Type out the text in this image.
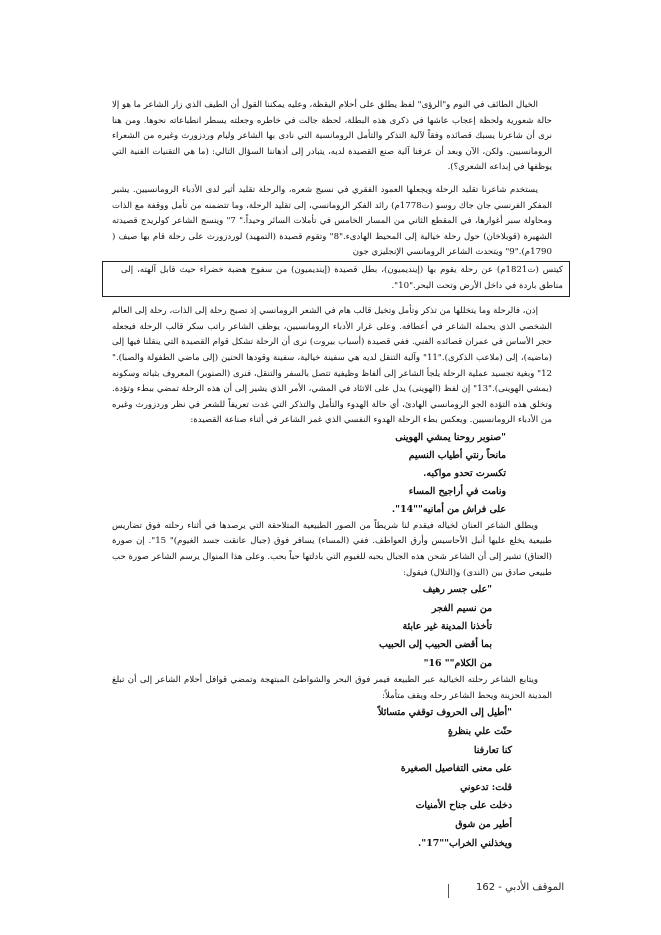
الخيال الطائف في النوم و"الرؤى" لفظ يطلق على أحلام اليقظة، وعليه يمكننا القول أن الطيف الذي زار الشاعر ما هو إلا حالة شعورية ولحظة إعجاب عاشها في ذكرى هذه البطلة، لحظة جالت في خاطره وجعلته يسطر انطباعاته نحوها. ومن هنا نرى أن شاعرنا يسبك قصائده وفقاً لآلية التذكر والتأمل الرومانسية التي نادى بها الشاعر وليام وردزورث وغيره من الشعراء الرومانسيين. ولكن، الآن وبعد أن عرفنا آلية صنع القصيدة لديه، يتبادر إلى أذهاننا السؤال التالي: (ما هي التقنيات الفنية التي يوظفها في إبداعه الشعري؟).

يستخدم شاعرنا تقليد الرحلة ويجعلها العمود الفقري في نسيج شعره، والرحلة تقليد أثير لدى الأدباء الرومانسيين. يشير المفكر الفرنسي جان جاك روسو (ت1778م) رائد الفكر الرومانسي، إلى تقليد الرحلة، وما تتضمنه من تأمل ووقفة مع الذات ومحاولة سبر أغوارها، في المقطع الثاني من المسار الخامس في تأملات السائر وحيداً." 7" وينسج الشاعر كولريدج قصيدته الشهيرة (قوبلاخان) حول رحلة خيالية إلى المحيط الهادىء."8" وتقوم قصيدة (التمهيد) لوردزورث على رحلة قام بها صيف ( 1790م)."9" ويتحدث الشاعر الرومانسي الإنجليزي جون

كيتس (ت1821م) عن رحلة يقوم بها (إينديميون)، بطل قصيدة (إينديميون) من سفوح هضبة خضراء حيث قابل آلهته، إلى مناطق باردة في داخل الأرض وتحت البحر."10".

إذن، فالرحلة وما يتخللها من تذكر وتأمل وتخيل قالب هام في الشعر الرومانسي إذ تصبح رحلة إلى الذات، رحلة إلى العالم الشخصي الذي يحمله الشاعر في أعطافه. وعلى غرار الأدباء الرومانسيين، يوظف الشاعر راتب سكر قالب الرحلة فيجعله حجر الأساس في عمران قصائده الفني. ففي قصيدة (أسباب بيروت) نرى أن الرحلة تشكل قوام القصيدة التي ينقلنا فيها إلى (ماضيه)، إلى (ملاعب الذكرى)."11" وآلية التنقل لديه هي سفينة خيالية، سفينة وقودها الحنين (إلى ماضي الطفولة والصبا)." 12" وبغية تجسيد عملية الرحلة يلجأ الشاعر إلى ألفاظ وظيفية تتصل بالسفر والتنقل، فنرى (الصنوبر) المعروف بثباته وسكونه (يمشي الهوينى)."13" إن لفظ (الهوينى) يدل على الاتئاد في المشي، الأمر الذي يشير إلى أن هذه الرحلة تمضي ببطء وتؤدة. وتخلق هذه التؤدة الجو الرومانسي الهادئ، أي حالة الهدوء والتأمل والتذكر التي غدت تعريفاً للشعر في نظر وردزورث وغيره من الأدباء الرومانسيين. ويعكس بطء الرحلة الهدوء النفسي الذي غمر الشاعر في أثناء صناعة القصيدة:

"صنوبر روحنا يمشي الهوينى
مانحاً رنتي أطياب النسيم
تكسرت تحدو مواكبه.
ونامت في أراجيح المساء
على فراش من أمانيه""14".

ويطلق الشاعر العنان لخياله فيقدم لنا شريطاً من الصور الطبيعية المتلاحقة التي يرصدها في أثناء رحلته فوق تضاريس طبيعية يخلع عليها أنبل الأحاسيس وأرق العواطف. ففي (المساء) يسافر فوق (جبال عانقت جسد الغيوم)" 15". إن صورة (العناق) تشير إلى أن الشاعر شحن هذه الجبال بحبه للغيوم التي بادلتها حباً بحب. وعلى هذا المنوال يرسم الشاعر صورة حب طبيعي صادق بين (الندى) و(التلال) فيقول:

"على جسر رهيف
من نسيم الفجر
تأخذنا المدينة غير عابئة
بما أقضى الحبيب إلى الحبيب
من الكلام"" 16"

ويتابع الشاعر رحلته الخيالية عبر الطبيعة فيمر فوق البحر والشواطئ المبتهجة وتمضي قوافل أحلام الشاعر إلى أن تبلغ المدينة الحزينة ويحط الشاعر رحله ويقف متأملاً:

"أطيل إلى الحروف توقفي متسائلاً
حنّت علي بنظرةٍ
كنا تعارفنا
على معنى التفاصيل الصغيرة
قلت: تدعوني
دخلت على جناح الأمنيات
أطير من شوق
ويخذلني الخراب""17".
الموقف الأدبي - 162
